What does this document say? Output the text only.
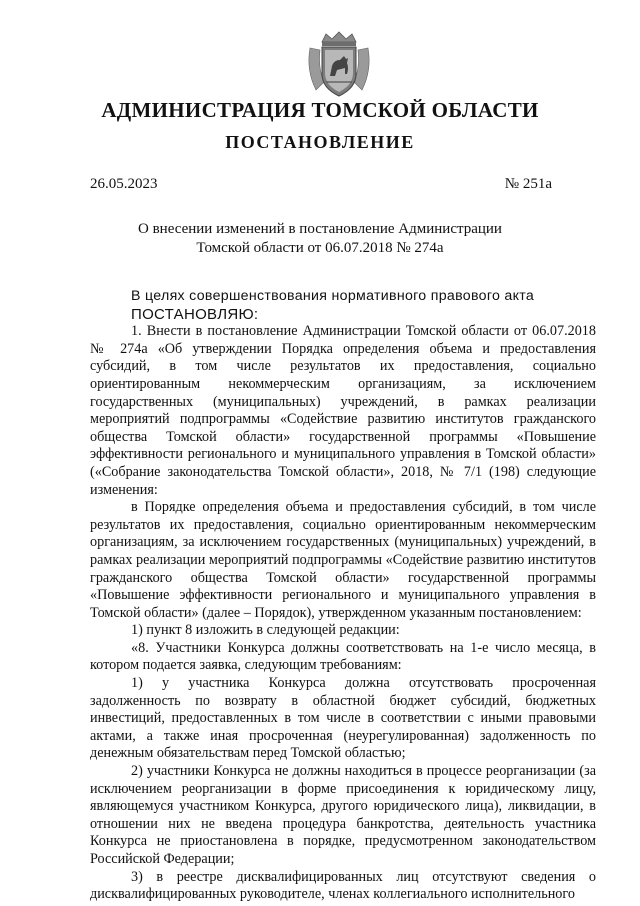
АДМИНИСТРАЦИЯ ТОМСКОЙ ОБЛАСТИ
ПОСТАНОВЛЕНИЕ
26.05.2023	№ 251а
О внесении изменений в постановление Администрации
Томской области от 06.07.2018 № 274а

В целях совершенствования нормативного правового акта

ПОСТАНОВЛЯЮ:

1. Внести в постановление Администрации Томской области от 06.07.2018 № 274а «Об утверждении Порядка определения объема и предоставления субсидий, в том числе результатов их предоставления, социально ориентированным некоммерческим организациям, за исключением государственных (муниципальных) учреждений, в рамках реализации мероприятий подпрограммы «Содействие развитию институтов гражданского общества Томской области» государственной программы «Повышение эффективности регионального и муниципального управления в Томской области» («Собрание законодательства Томской области», 2018, № 7/1 (198) следующие изменения:

в Порядке определения объема и предоставления субсидий, в том числе результатов их предоставления, социально ориентированным некоммерческим организациям, за исключением государственных (муниципальных) учреждений, в рамках реализации мероприятий подпрограммы «Содействие развитию институтов гражданского общества Томской области» государственной программы «Повышение эффективности регионального и муниципального управления в Томской области» (далее – Порядок), утвержденном указанным постановлением:

1) пункт 8 изложить в следующей редакции:

«8. Участники Конкурса должны соответствовать на 1-е число месяца, в котором подается заявка, следующим требованиям:

1) у участника Конкурса должна отсутствовать просроченная задолженность по возврату в областной бюджет субсидий, бюджетных инвестиций, предоставленных в том числе в соответствии с иными правовыми актами, а также иная просроченная (неурегулированная) задолженность по денежным обязательствам перед Томской областью;

2) участники Конкурса не должны находиться в процессе реорганизации (за исключением реорганизации в форме присоединения к юридическому лицу, являющемуся участником Конкурса, другого юридического лица), ликвидации, в отношении них не введена процедура банкротства, деятельность участника Конкурса не приостановлена в порядке, предусмотренном законодательством Российской Федерации;

3) в реестре дисквалифицированных лиц отсутствуют сведения о дисквалифицированных руководителе, членах коллегиального исполнительного
